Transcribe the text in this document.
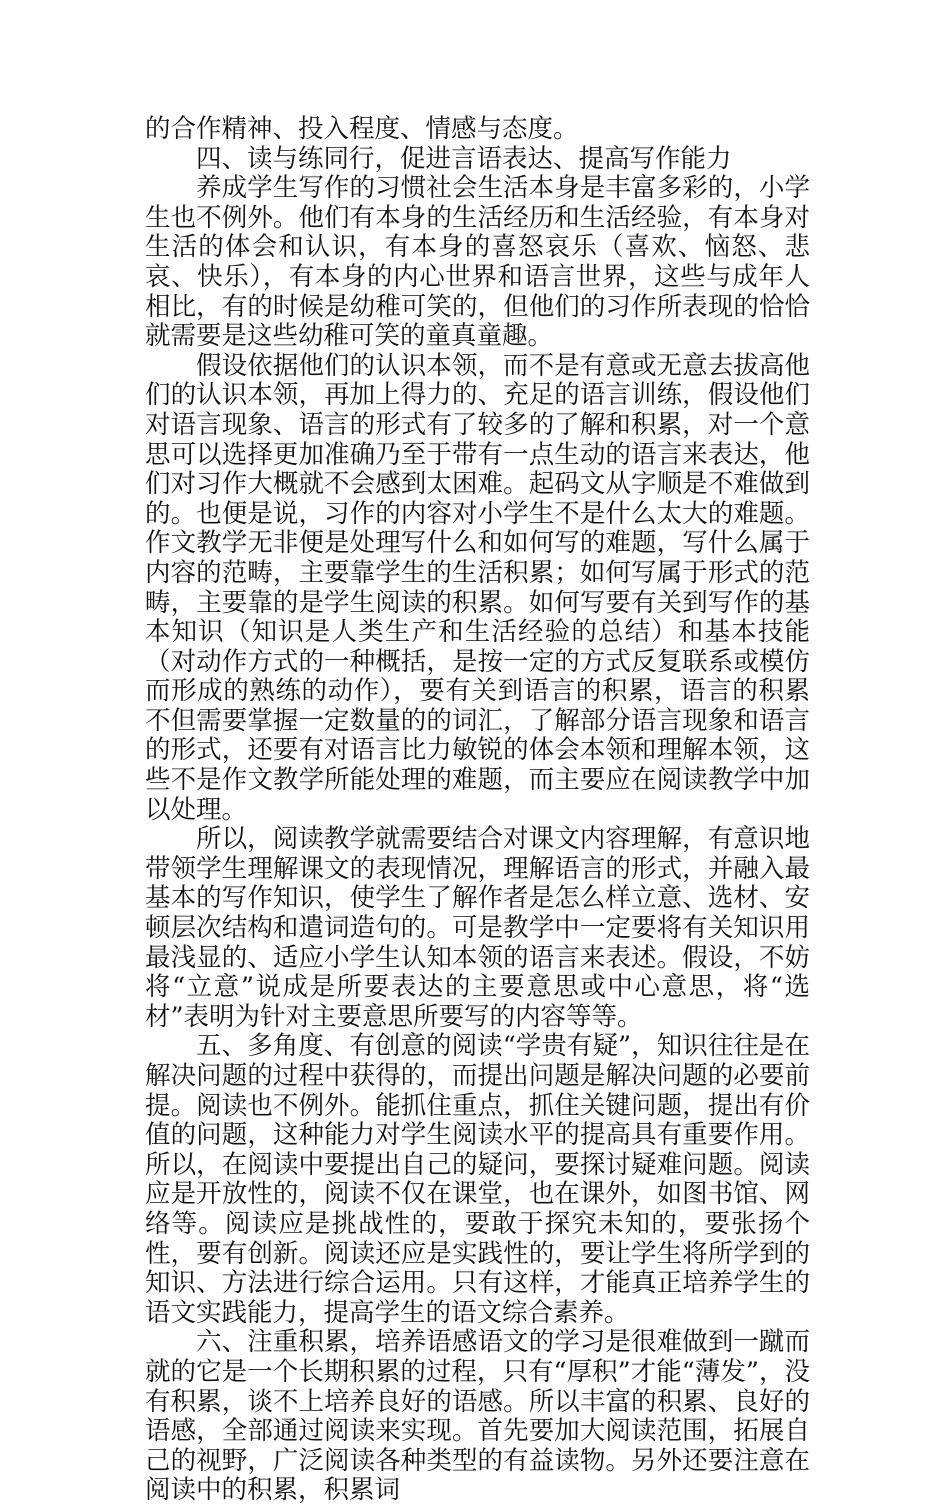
的合作精神、投入程度、情感与态度。

四、读与练同行，促进言语表达、提高写作能力

养成学生写作的习惯社会生活本身是丰富多彩的，小学生也不例外。他们有本身的生活经历和生活经验，有本身对生活的体会和认识，有本身的喜怒哀乐（喜欢、恼怒、悲哀、快乐），有本身的内心世界和语言世界，这些与成年人相比，有的时候是幼稚可笑的，但他们的习作所表现的恰恰就需要是这些幼稚可笑的童真童趣。

假设依据他们的认识本领，而不是有意或无意去拔高他们的认识本领，再加上得力的、充足的语言训练，假设他们对语言现象、语言的形式有了较多的了解和积累，对一个意思可以选择更加准确乃至于带有一点生动的语言来表达，他们对习作大概就不会感到太困难。起码文从字顺是不难做到的。也便是说，习作的内容对小学生不是什么太大的难题。作文教学无非便是处理写什么和如何写的难题，写什么属于内容的范畴，主要靠学生的生活积累；如何写属于形式的范畴，主要靠的是学生阅读的积累。如何写要有关到写作的基本知识（知识是人类生产和生活经验的总结）和基本技能（对动作方式的一种概括，是按一定的方式反复联系或模仿而形成的熟练的动作），要有关到语言的积累，语言的积累不但需要掌握一定数量的的词汇，了解部分语言现象和语言的形式，还要有对语言比力敏锐的体会本领和理解本领，这些不是作文教学所能处理的难题，而主要应在阅读教学中加以处理。

所以，阅读教学就需要结合对课文内容理解，有意识地带领学生理解课文的表现情况，理解语言的形式，并融入最基本的写作知识，使学生了解作者是怎么样立意、选材、安顿层次结构和遣词造句的。可是教学中一定要将有关知识用最浅显的、适应小学生认知本领的语言来表述。假设，不妨将“立意”说成是所要表达的主要意思或中心意思，将“选材”表明为针对主要意思所要写的内容等等。

五、多角度、有创意的阅读“学贵有疑”，知识往往是在解决问题的过程中获得的，而提出问题是解决问题的必要前提。阅读也不例外。能抓住重点，抓住关键问题，提出有价值的问题，这种能力对学生阅读水平的提高具有重要作用。所以，在阅读中要提出自己的疑问，要探讨疑难问题。阅读应是开放性的，阅读不仅在课堂，也在课外，如图书馆、网络等。阅读应是挑战性的，要敢于探究未知的，要张扬个性，要有创新。阅读还应是实践性的，要让学生将所学到的知识、方法进行综合运用。只有这样，才能真正培养学生的语文实践能力，提高学生的语文综合素养。

六、注重积累，培养语感语文的学习是很难做到一蹴而就的它是一个长期积累的过程，只有“厚积”才能“薄发”，没有积累，谈不上培养良好的语感。所以丰富的积累、良好的语感，全部通过阅读来实现。首先要加大阅读范围，拓展自己的视野，广泛阅读各种类型的有益读物。另外还要注意在阅读中的积累，积累词
